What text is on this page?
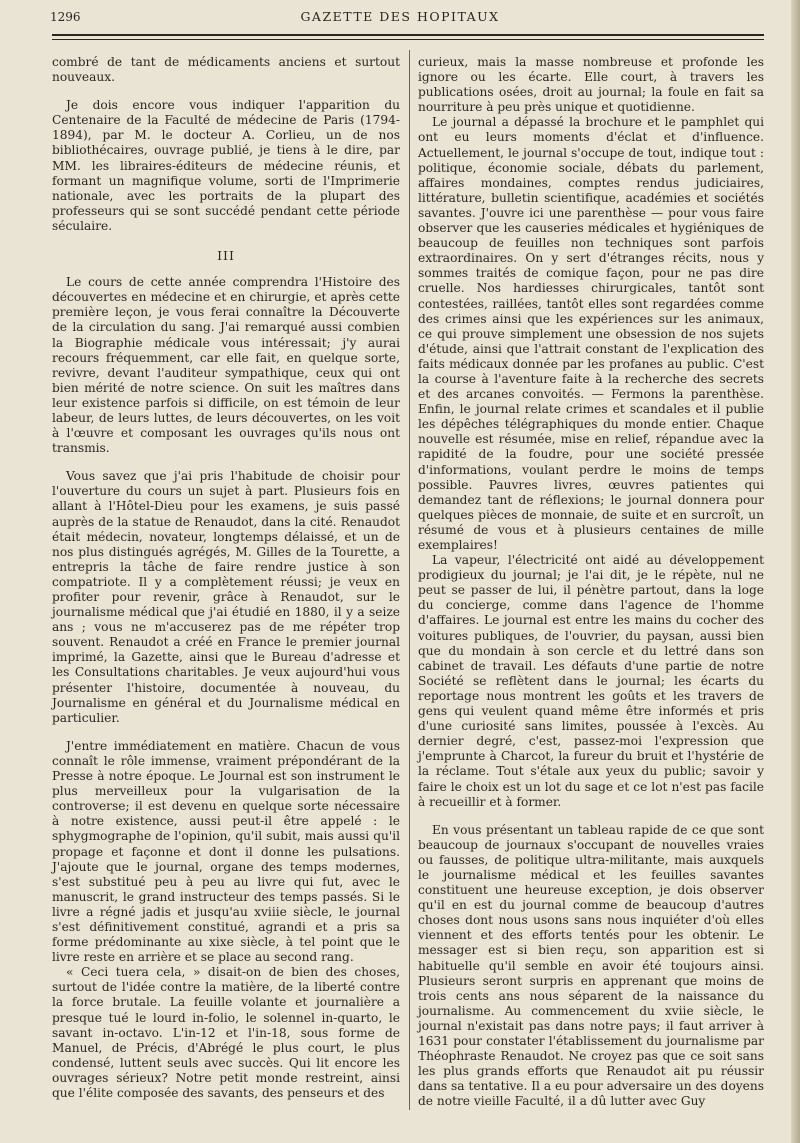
1296	GAZETTE DES HOPITAUX

combré de tant de médicaments anciens et surtout nouveaux.

Je dois encore vous indiquer l'apparition du Centenaire de la Faculté de médecine de Paris (1794-1894), par M. le docteur A. Corlieu, un de nos bibliothécaires, ouvrage publié, je tiens à le dire, par MM. les libraires-éditeurs de médecine réunis, et formant un magnifique volume, sorti de l'Imprimerie nationale, avec les portraits de la plupart des professeurs qui se sont succédé pendant cette période séculaire.

III

Le cours de cette année comprendra l'Histoire des découvertes en médecine et en chirurgie, et après cette première leçon, je vous ferai connaître la Découverte de la circulation du sang. J'ai remarqué aussi combien la Biographie médicale vous intéressait; j'y aurai recours fréquemment, car elle fait, en quelque sorte, revivre, devant l'auditeur sympathique, ceux qui ont bien mérité de notre science. On suit les maîtres dans leur existence parfois si difficile, on est témoin de leur labeur, de leurs luttes, de leurs découvertes, on les voit à l'œuvre et composant les ouvrages qu'ils nous ont transmis.

Vous savez que j'ai pris l'habitude de choisir pour l'ouverture du cours un sujet à part. Plusieurs fois en allant à l'Hôtel-Dieu pour les examens, je suis passé auprès de la statue de Renaudot, dans la cité. Renaudot était médecin, novateur, longtemps délaissé, et un de nos plus distingués agrégés, M. Gilles de la Tourette, a entrepris la tâche de faire rendre justice à son compatriote. Il y a complètement réussi; je veux en profiter pour revenir, grâce à Renaudot, sur le journalisme médical que j'ai étudié en 1880, il y a seize ans ; vous ne m'accuserez pas de me répéter trop souvent. Renaudot a créé en France le premier journal imprimé, la Gazette, ainsi que le Bureau d'adresse et les Consultations charitables. Je veux aujourd'hui vous présenter l'histoire, documentée à nouveau, du Journalisme en général et du Journalisme médical en particulier.

J'entre immédiatement en matière. Chacun de vous connaît le rôle immense, vraiment prépondérant de la Presse à notre époque. Le Journal est son instrument le plus merveilleux pour la vulgarisation de la controverse; il est devenu en quelque sorte nécessaire à notre existence, aussi peut-il être appelé : le sphygmographe de l'opinion, qu'il subit, mais aussi qu'il propage et façonne et dont il donne les pulsations. J'ajoute que le journal, organe des temps modernes, s'est substitué peu à peu au livre qui fut, avec le manuscrit, le grand instructeur des temps passés. Si le livre a régné jadis et jusqu'au xviiie siècle, le journal s'est définitivement constitué, agrandi et a pris sa forme prédominante au xixe siècle, à tel point que le livre reste en arrière et se place au second rang.

« Ceci tuera cela, » disait-on de bien des choses, surtout de l'idée contre la matière, de la liberté contre la force brutale. La feuille volante et journalière a presque tué le lourd in-folio, le solennel in-quarto, le savant in-octavo. L'in-12 et l'in-18, sous forme de Manuel, de Précis, d'Abrégé le plus court, le plus condensé, luttent seuls avec succès. Qui lit encore les ouvrages sérieux? Notre petit monde restreint, ainsi que l'élite composée des savants, des penseurs et des

curieux, mais la masse nombreuse et profonde les ignore ou les écarte. Elle court, à travers les publications osées, droit au journal; la foule en fait sa nourriture à peu près unique et quotidienne.

Le journal a dépassé la brochure et le pamphlet qui ont eu leurs moments d'éclat et d'influence. Actuellement, le journal s'occupe de tout, indique tout : politique, économie sociale, débats du parlement, affaires mondaines, comptes rendus judiciaires, littérature, bulletin scientifique, académies et sociétés savantes. J'ouvre ici une parenthèse — pour vous faire observer que les causeries médicales et hygiéniques de beaucoup de feuilles non techniques sont parfois extraordinaires. On y sert d'étranges récits, nous y sommes traités de comique façon, pour ne pas dire cruelle. Nos hardiesses chirurgicales, tantôt sont contestées, raillées, tantôt elles sont regardées comme des crimes ainsi que les expériences sur les animaux, ce qui prouve simplement une obsession de nos sujets d'étude, ainsi que l'attrait constant de l'explication des faits médicaux donnée par les profanes au public. C'est la course à l'aventure faite à la recherche des secrets et des arcanes convoités. — Fermons la parenthèse. Enfin, le journal relate crimes et scandales et il publie les dépêches télégraphiques du monde entier. Chaque nouvelle est résumée, mise en relief, répandue avec la rapidité de la foudre, pour une société pressée d'informations, voulant perdre le moins de temps possible. Pauvres livres, œuvres patientes qui demandez tant de réflexions; le journal donnera pour quelques pièces de monnaie, de suite et en surcroît, un résumé de vous et à plusieurs centaines de mille exemplaires!

La vapeur, l'électricité ont aidé au développement prodigieux du journal; je l'ai dit, je le répète, nul ne peut se passer de lui, il pénètre partout, dans la loge du concierge, comme dans l'agence de l'homme d'affaires. Le journal est entre les mains du cocher des voitures publiques, de l'ouvrier, du paysan, aussi bien que du mondain à son cercle et du lettré dans son cabinet de travail. Les défauts d'une partie de notre Société se reflètent dans le journal; les écarts du reportage nous montrent les goûts et les travers de gens qui veulent quand même être informés et pris d'une curiosité sans limites, poussée à l'excès. Au dernier degré, c'est, passez-moi l'expression que j'emprunte à Charcot, la fureur du bruit et l'hystérie de la réclame. Tout s'étale aux yeux du public; savoir y faire le choix est un lot du sage et ce lot n'est pas facile à recueillir et à former.

En vous présentant un tableau rapide de ce que sont beaucoup de journaux s'occupant de nouvelles vraies ou fausses, de politique ultra-militante, mais auxquels le journalisme médical et les feuilles savantes constituent une heureuse exception, je dois observer qu'il en est du journal comme de beaucoup d'autres choses dont nous usons sans nous inquiéter d'où elles viennent et des efforts tentés pour les obtenir. Le messager est si bien reçu, son apparition est si habituelle qu'il semble en avoir été toujours ainsi. Plusieurs seront surpris en apprenant que moins de trois cents ans nous séparent de la naissance du journalisme. Au commencement du xviie siècle, le journal n'existait pas dans notre pays; il faut arriver à 1631 pour constater l'établissement du journalisme par Théophraste Renaudot. Ne croyez pas que ce soit sans les plus grands efforts que Renaudot ait pu réussir dans sa tentative. Il a eu pour adversaire un des doyens de notre vieille Faculté, il a dû lutter avec Guy
